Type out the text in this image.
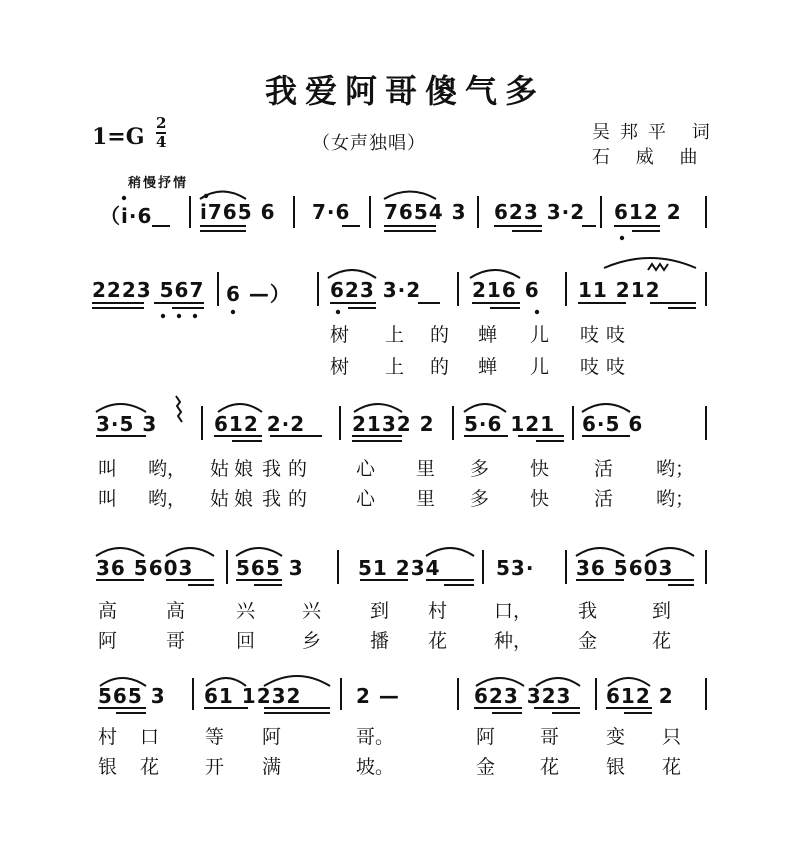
我爱阿哥傻气多
1=G
2
4	（女声独唱）
吴邦平 词
石 威 曲
稍慢抒情
（i·6 i765 6 7·6 7654 3 623 3·2 612 2
2223 567 6 —） 623 3·2	216 6 11 212
树 上 的 蝉 儿 吱 吱
树 上 的 蝉 儿 吱 吱
3·5 3	612 2·2 2132 2 5·6 121 6·5 6
叫 哟， 姑 娘 我 的	心 里 多 快 活 哟；
叫 哟， 姑 娘 我 的	心 里 多 快 活 哟；
36 5603 565 3	51 234	53· 36 5603
高	高	兴 兴	到 村 口， 我	到
阿	哥	回 乡	播 花 种， 金	花
565 3 61 1232	2 —	623 323 612 2
村 口 等 阿	哥。	阿 哥 变 只
银 花 开 满	坡。	金 花 银 花
